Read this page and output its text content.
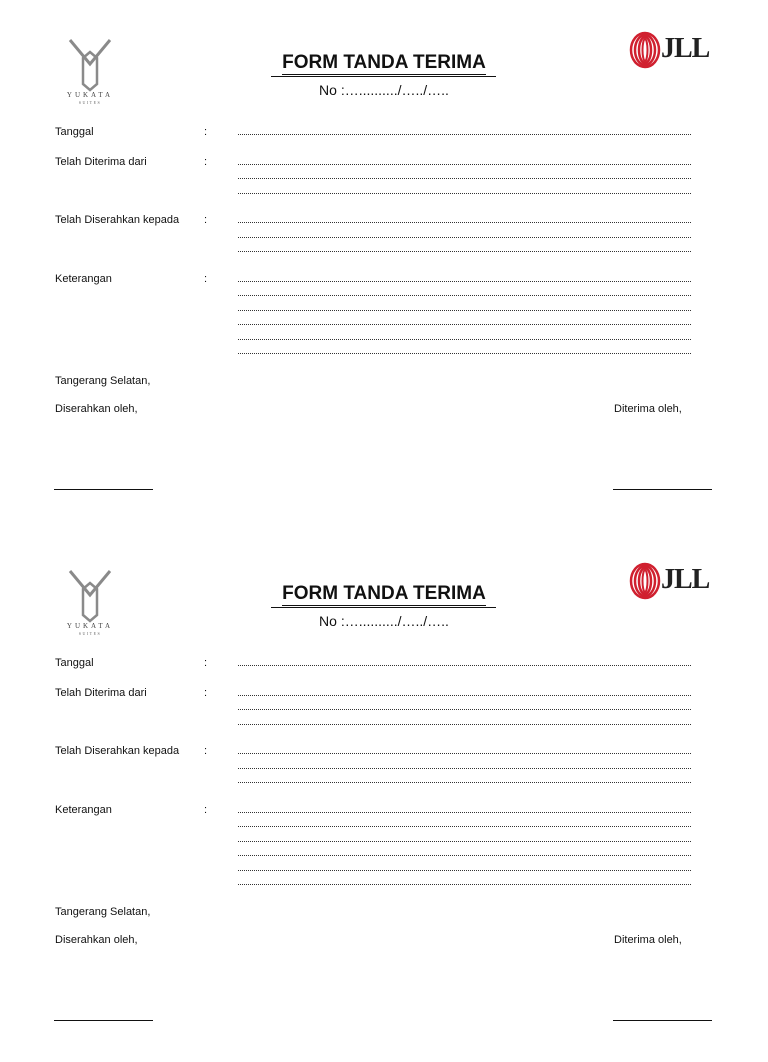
YUKATA
SUITES
JLL
FORM TANDA TERIMA
No :…........../…../…..
Tanggal	:
Telah Diterima dari	:
Telah Diserahkan kepada :
Keterangan	:
Tangerang Selatan,
Diserahkan oleh,	Diterima oleh,
YUKATA
SUITES
JLL
FORM TANDA TERIMA
No :…........../…../…..
Tanggal	:
Telah Diterima dari	:
Telah Diserahkan kepada :
Keterangan	:
Tangerang Selatan,
Diserahkan oleh,	Diterima oleh,
